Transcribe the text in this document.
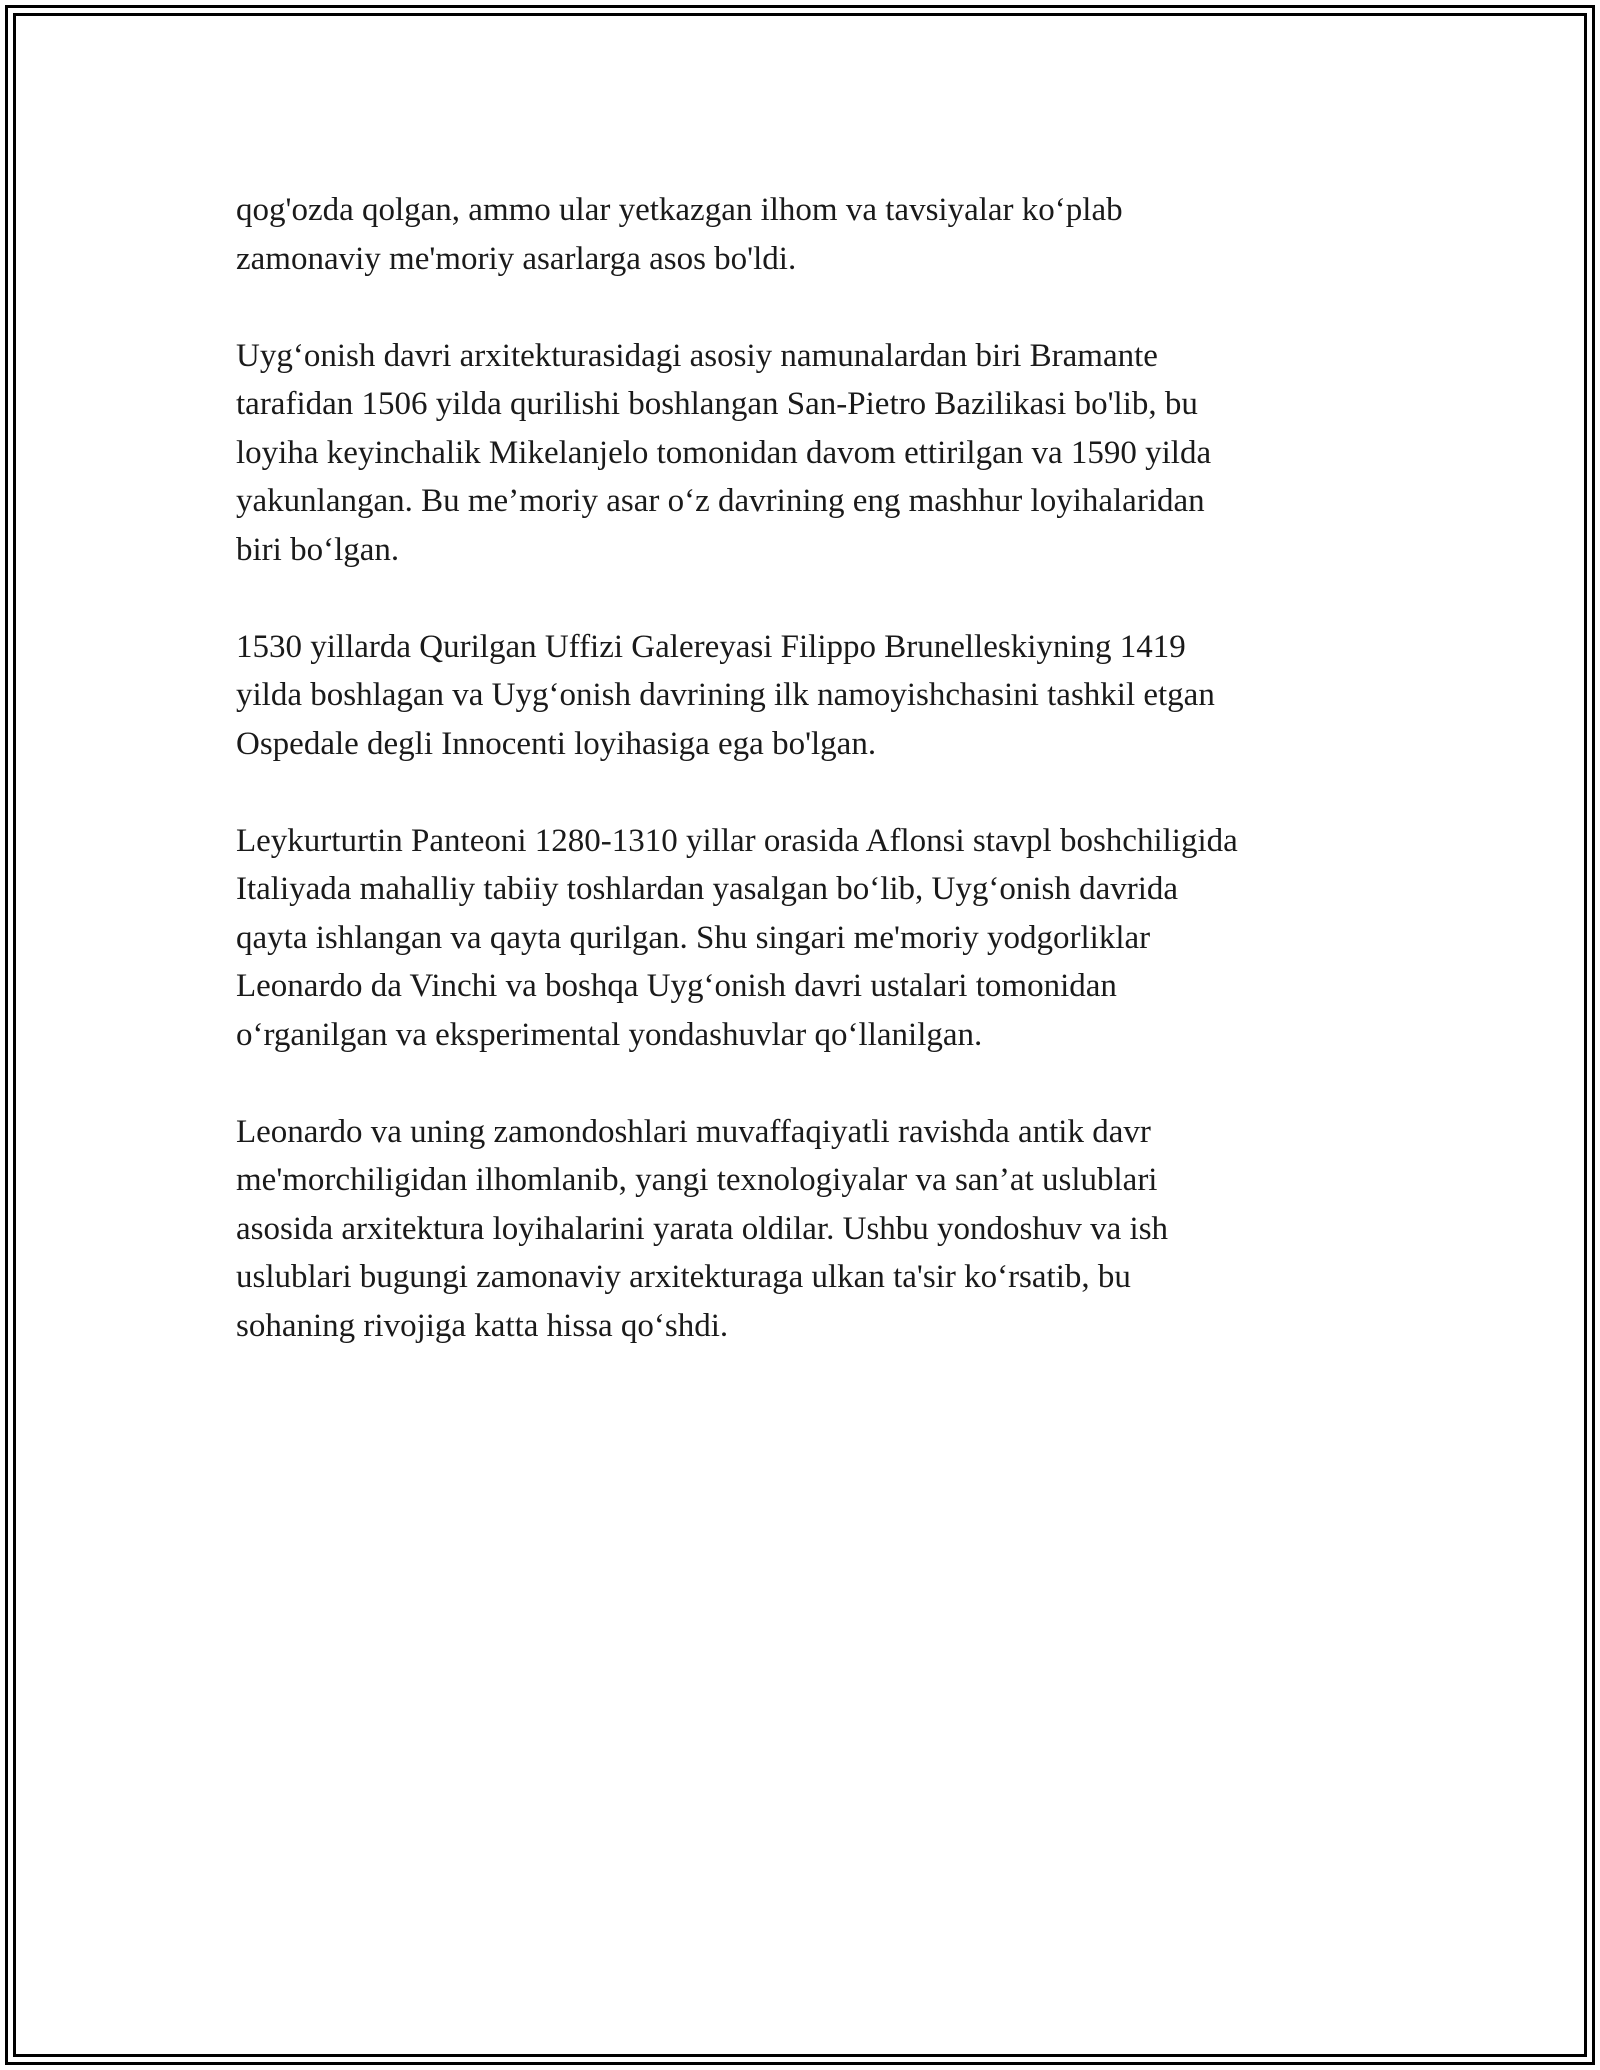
qog'ozda qolgan, ammo ular yetkazgan ilhom va tavsiyalar ko‘plab
zamonaviy me'moriy asarlarga asos bo'ldi.

Uyg‘onish davri arxitekturasidagi asosiy namunalardan biri Bramante
tarafidan 1506 yilda qurilishi boshlangan San-Pietro Bazilikasi bo'lib, bu
loyiha keyinchalik Mikelanjelo tomonidan davom ettirilgan va 1590 yilda
yakunlangan. Bu me’moriy asar o‘z davrining eng mashhur loyihalaridan
biri bo‘lgan.

1530 yillarda Qurilgan Uffizi Galereyasi Filippo Brunelleskiyning 1419
yilda boshlagan va Uyg‘onish davrining ilk namoyishchasini tashkil etgan
Ospedale degli Innocenti loyihasiga ega bo'lgan.

Leykurturtin Panteoni 1280-1310 yillar orasida Aflonsi stavpl boshchiligida
Italiyada mahalliy tabiiy toshlardan yasalgan bo‘lib, Uyg‘onish davrida
qayta ishlangan va qayta qurilgan. Shu singari me'moriy yodgorliklar
Leonardo da Vinchi va boshqa Uyg‘onish davri ustalari tomonidan
o‘rganilgan va eksperimental yondashuvlar qo‘llanilgan.

Leonardo va uning zamondoshlari muvaffaqiyatli ravishda antik davr
me'morchiligidan ilhomlanib, yangi texnologiyalar va san’at uslublari
asosida arxitektura loyihalarini yarata oldilar. Ushbu yondoshuv va ish
uslublari bugungi zamonaviy arxitekturaga ulkan ta'sir ko‘rsatib, bu
sohaning rivojiga katta hissa qo‘shdi.
